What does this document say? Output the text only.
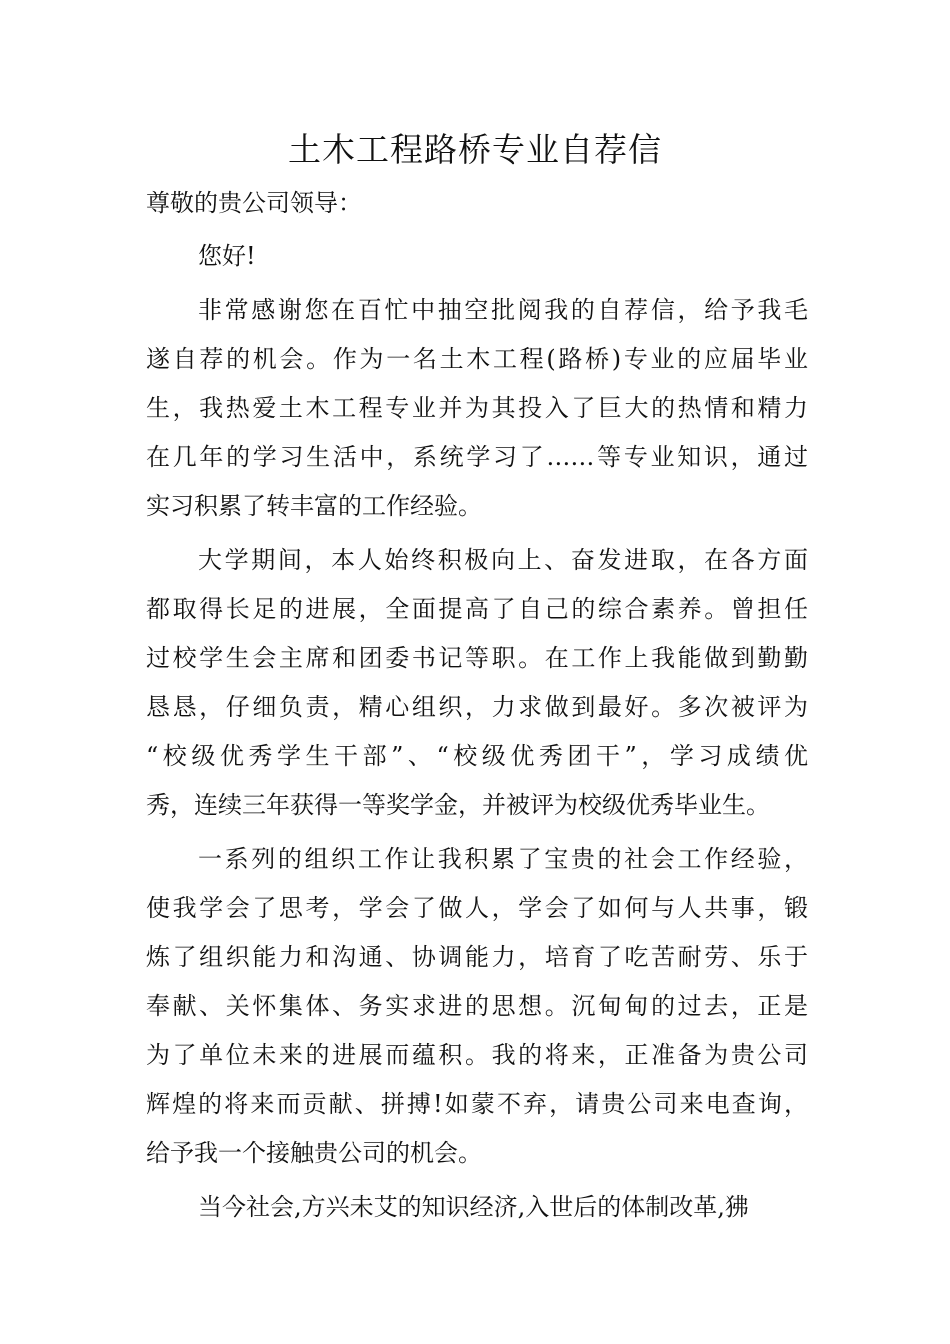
土木工程路桥专业自荐信
尊敬的贵公司领导：
您好!
非常感谢您在百忙中抽空批阅我的自荐信，给予我毛
遂自荐的机会。作为一名土木工程(路桥)专业的应届毕业
生，我热爱土木工程专业并为其投入了巨大的热情和精力
在几年的学习生活中，系统学习了……等专业知识，通过
实习积累了转丰富的工作经验。
大学期间，本人始终积极向上、奋发进取，在各方面
都取得长足的进展，全面提高了自己的综合素养。曾担任
过校学生会主席和团委书记等职。在工作上我能做到勤勤
恳恳，仔细负责，精心组织，力求做到最好。多次被评为
“校级优秀学生干部”、“校级优秀团干”，学习成绩优
秀，连续三年获得一等奖学金，并被评为校级优秀毕业生。
一系列的组织工作让我积累了宝贵的社会工作经验，
使我学会了思考，学会了做人，学会了如何与人共事，锻
炼了组织能力和沟通、协调能力，培育了吃苦耐劳、乐于
奉献、关怀集体、务实求进的思想。沉甸甸的过去，正是
为了单位未来的进展而蕴积。我的将来，正准备为贵公司
辉煌的将来而贡献、拼搏!如蒙不弃，请贵公司来电查询，
给予我一个接触贵公司的机会。
当今社会,方兴未艾的知识经济,入世后的体制改革,狒
